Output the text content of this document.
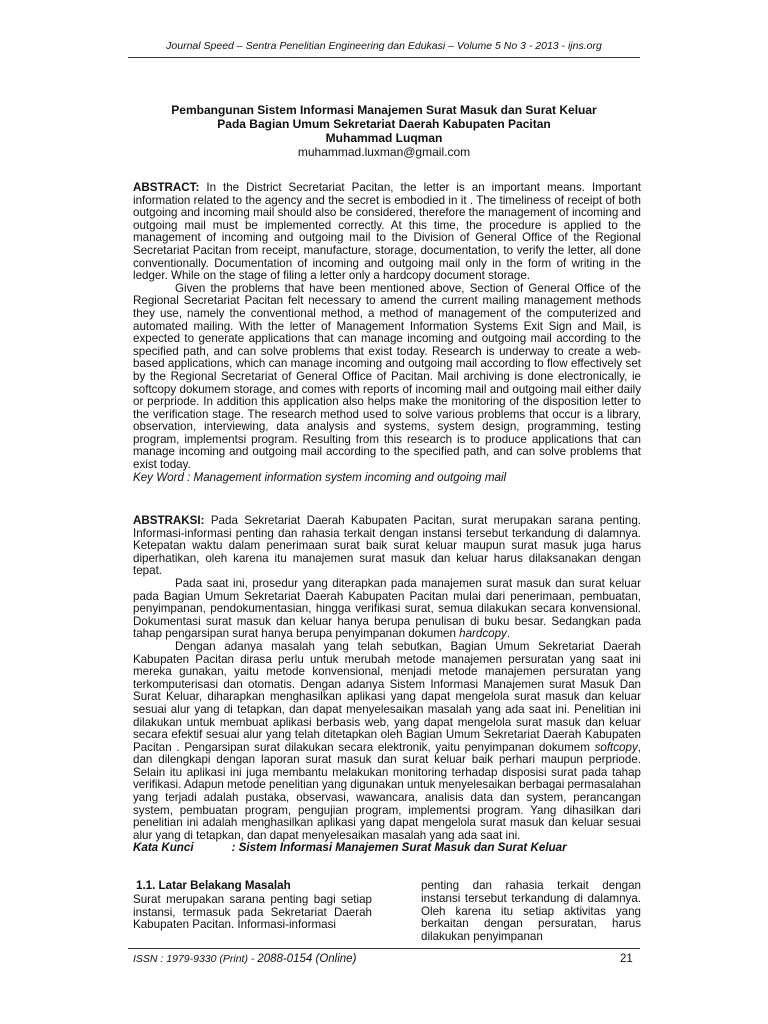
Journal Speed – Sentra Penelitian Engineering dan Edukasi – Volume 5 No 3 - 2013 - ijns.org
Pembangunan Sistem Informasi Manajemen Surat Masuk dan Surat Keluar
Pada Bagian Umum Sekretariat Daerah Kabupaten Pacitan
Muhammad Luqman
muhammad.luxman@gmail.com

ABSTRACT: In the District Secretariat Pacitan, the letter is an important means. Important information related to the agency and the secret is embodied in it . The timeliness of receipt of both outgoing and incoming mail should also be considered, therefore the management of incoming and outgoing mail must be implemented correctly. At this time, the procedure is applied to the management of incoming and outgoing mail to the Division of General Office of the Regional Secretariat Pacitan from receipt, manufacture, storage, documentation, to verify the letter, all done conventionally. Documentation of incoming and outgoing mail only in the form of writing in the ledger. While on the stage of filing a letter only a hardcopy document storage.

Given the problems that have been mentioned above, Section of General Office of the Regional Secretariat Pacitan felt necessary to amend the current mailing management methods they use, namely the conventional method, a method of management of the computerized and automated mailing. With the letter of Management Information Systems Exit Sign and Mail, is expected to generate applications that can manage incoming and outgoing mail according to the specified path, and can solve problems that exist today. Research is underway to create a web-based applications, which can manage incoming and outgoing mail according to flow effectively set by the Regional Secretariat of General Office of Pacitan. Mail archiving is done electronically, ie softcopy dokumem storage, and comes with reports of incoming mail and outgoing mail either daily or perpriode. In addition this application also helps make the monitoring of the disposition letter to the verification stage. The research method used to solve various problems that occur is a library, observation, interviewing, data analysis and systems, system design, programming, testing program, implementsi program. Resulting from this research is to produce applications that can manage incoming and outgoing mail according to the specified path, and can solve problems that exist today.

Key Word : Management information system incoming and outgoing mail

ABSTRAKSI: Pada Sekretariat Daerah Kabupaten Pacitan, surat merupakan sarana penting. Informasi-informasi penting dan rahasia terkait dengan instansi tersebut terkandung di dalamnya. Ketepatan waktu dalam penerimaan surat baik surat keluar maupun surat masuk juga harus diperhatikan, oleh karena itu manajemen surat masuk dan keluar harus dilaksanakan dengan tepat.

Pada saat ini, prosedur yang diterapkan pada manajemen surat masuk dan surat keluar pada Bagian Umum Sekretariat Daerah Kabupaten Pacitan mulai dari penerimaan, pembuatan, penyimpanan, pendokumentasian, hingga verifikasi surat, semua dilakukan secara konvensional. Dokumentasi surat masuk dan keluar hanya berupa penulisan di buku besar. Sedangkan pada tahap pengarsipan surat hanya berupa penyimpanan dokumen hardcopy.

Dengan adanya masalah yang telah sebutkan, Bagian Umum Sekretariat Daerah Kabupaten Pacitan dirasa perlu untuk merubah metode manajemen persuratan yang saat ini mereka gunakan, yaitu metode konvensional, menjadi metode manajemen persuratan yang terkomputerisasi dan otomatis. Dengan adanya Sistem Informasi Manajemen surat Masuk Dan Surat Keluar, diharapkan menghasilkan aplikasi yang dapat mengelola surat masuk dan keluar sesuai alur yang di tetapkan, dan dapat menyelesaikan masalah yang ada saat ini. Penelitian ini dilakukan untuk membuat aplikasi berbasis web, yang dapat mengelola surat masuk dan keluar secara efektif sesuai alur yang telah ditetapkan oleh Bagian Umum Sekretariat Daerah Kabupaten Pacitan . Pengarsipan surat dilakukan secara elektronik, yaitu penyimpanan dokumem softcopy, dan dilengkapi dengan laporan surat masuk dan surat keluar baik perhari maupun perpriode. Selain itu aplikasi ini juga membantu melakukan monitoring terhadap disposisi surat pada tahap verifikasi. Adapun metode penelitian yang digunakan untuk menyelesaikan berbagai permasalahan yang terjadi adalah pustaka, observasi, wawancara, analisis data dan system, perancangan system, pembuatan program, pengujian program, implementsi program. Yang dihasilkan dari penelitian ini adalah menghasilkan aplikasi yang dapat mengelola surat masuk dan keluar sesuai alur yang di tetapkan, dan dapat menyelesaikan masalah yang ada saat ini.

Kata Kunci	: Sistem Informasi Manajemen Surat Masuk dan Surat Keluar

1.1. Latar Belakang Masalah

Surat merupakan sarana penting bagi setiap instansi, termasuk pada Sekretariat Daerah Kabupaten Pacitan. Informasi-informasi

penting dan rahasia terkait dengan instansi tersebut terkandung di dalamnya. Oleh karena itu setiap aktivitas yang berkaitan dengan persuratan, harus dilakukan penyimpanan

ISSN : 1979-9330 (Print) - 2088-0154 (Online)	21
